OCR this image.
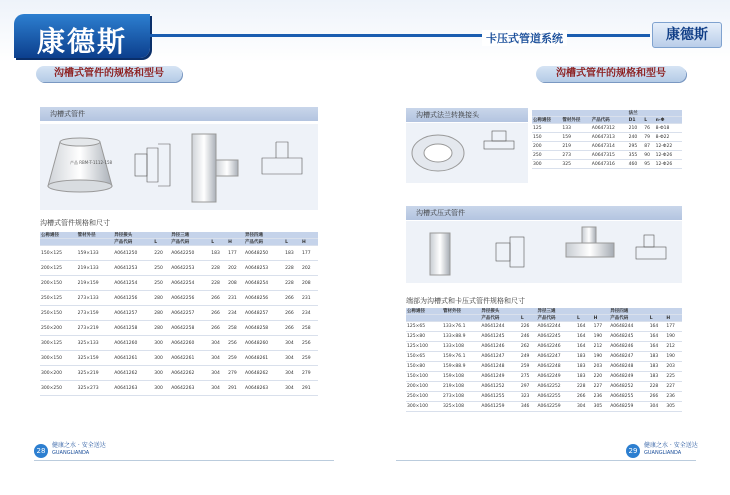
康德斯	卡压式管道系统	康德斯
沟槽式管件的规格和型号
沟槽式管件
产品 RBM-T-1112-158
沟槽式管件规格和尺寸
公称通径	管材外径	异径接头		异径三通			异径四通		
		产品代码	L	产品代码	L	H	产品代码	L	H
150×125	159×133	A0641250	220	A0642250	183	177	A0648250	183	177
200×125	219×133	A0641253	250	A0642253	228	202	A0648253	228	202
200×150	219×159	A0641254	250	A0642254	228	208	A0648254	228	208
250×125	273×133	A0641256	280	A0642256	266	231	A0648256	266	231
250×150	273×159	A0641257	280	A0642257	266	234	A0648257	266	234
250×200	273×219	A0641258	280	A0642258	266	258	A0648258	266	258
300×125	325×133	A0641260	300	A0642260	304	256	A0648260	304	256
300×150	325×159	A0641261	300	A0642261	304	259	A0648261	304	259
300×200	325×219	A0641262	300	A0642262	304	279	A0648262	304	279
300×250	325×273	A0641263	300	A0642263	304	291	A0648263	304	291
28
健康之水 · 安全送达
GUANGLIANDA
沟槽式管件的规格和型号
沟槽式法兰转换接头
			法兰		
公称通径	管材外径	产品代码	D1	L	n-Φ
125	133	A0647312	210	76	8-Φ18
150	159	A0647313	240	79	8-Φ22
200	219	A0647314	295	87	12-Φ22
250	273	A0647315	355	90	12-Φ26
300	325	A0647316	460	95	12-Φ26
沟槽式压式管件
端部为沟槽式和卡压式管件规格和尺寸
公称通径	管材外径	异径接头		异径三通			异径四通		
		产品代码	L	产品代码	L	H	产品代码	L	H
125×65	133×76.1	A0641244	226	A0642244	164	177	A0648244	164	177
125×80	133×88.9	A0641245	246	A0642245	164	190	A0648245	164	190
125×100	133×108	A0641246	262	A0642246	164	212	A0648246	164	212
150×65	159×76.1	A0641247	249	A0642247	183	190	A0648247	183	190
150×80	159×88.9	A0641248	259	A0642248	183	203	A0648248	183	203
150×100	159×108	A0641249	275	A0642249	183	220	A0648249	183	225
200×100	219×108	A0641252	297	A0642252	228	227	A0648252	228	227
250×100	273×108	A0641255	323	A0642255	266	236	A0648255	266	236
300×100	325×108	A0641259	346	A0642259	304	305	A0648259	304	305
29
健康之水 · 安全送达
GUANGLIANDA
